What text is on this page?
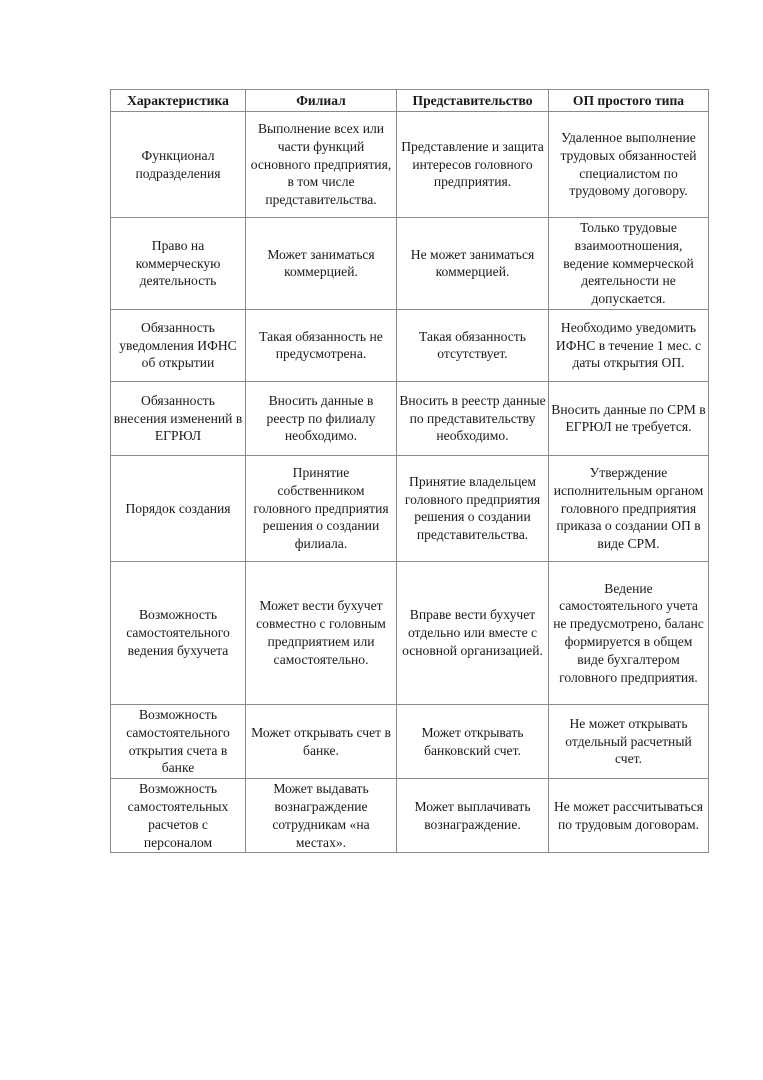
Характеристика	Филиал	Представительство	ОП простого типа
Функционал подразделения	Выполнение всех или части функций основного предприятия, в том числе представительства.	Представление и защита интересов головного предприятия.	Удаленное выполнение трудовых обязанностей специалистом по трудовому договору.
Право на коммерческую деятельность	Может заниматься коммерцией.	Не может заниматься коммерцией.	Только трудовые взаимоотношения, ведение коммерческой деятельности не допускается.
Обязанность уведомления ИФНС об открытии	Такая обязанность не предусмотрена.	Такая обязанность отсутствует.	Необходимо уведомить ИФНС в течение 1 мес. с даты открытия ОП.
Обязанность внесения изменений в ЕГРЮЛ	Вносить данные в реестр по филиалу необходимо.	Вносить в реестр данные по представительству необходимо.	Вносить данные по СРМ в ЕГРЮЛ не требуется.
Порядок создания	Принятие собственником головного предприятия решения о создании филиала.	Принятие владельцем головного предприятия решения о создании представительства.	Утверждение исполнительным органом головного предприятия приказа о создании ОП в виде СРМ.
Возможность самостоятельного ведения бухучета	Может вести бухучет совместно с головным предприятием или самостоятельно.	Вправе вести бухучет отдельно или вместе с основной организацией.	Ведение самостоятельного учета не предусмотрено, баланс формируется в общем виде бухгалтером головного предприятия.
Возможность самостоятельного открытия счета в банке	Может открывать счет в банке.	Может открывать банковский счет.	Не может открывать отдельный расчетный счет.
Возможность самостоятельных расчетов с персоналом	Может выдавать вознаграждение сотрудникам «на местах».	Может выплачивать вознаграждение.	Не может рассчитываться по трудовым договорам.
